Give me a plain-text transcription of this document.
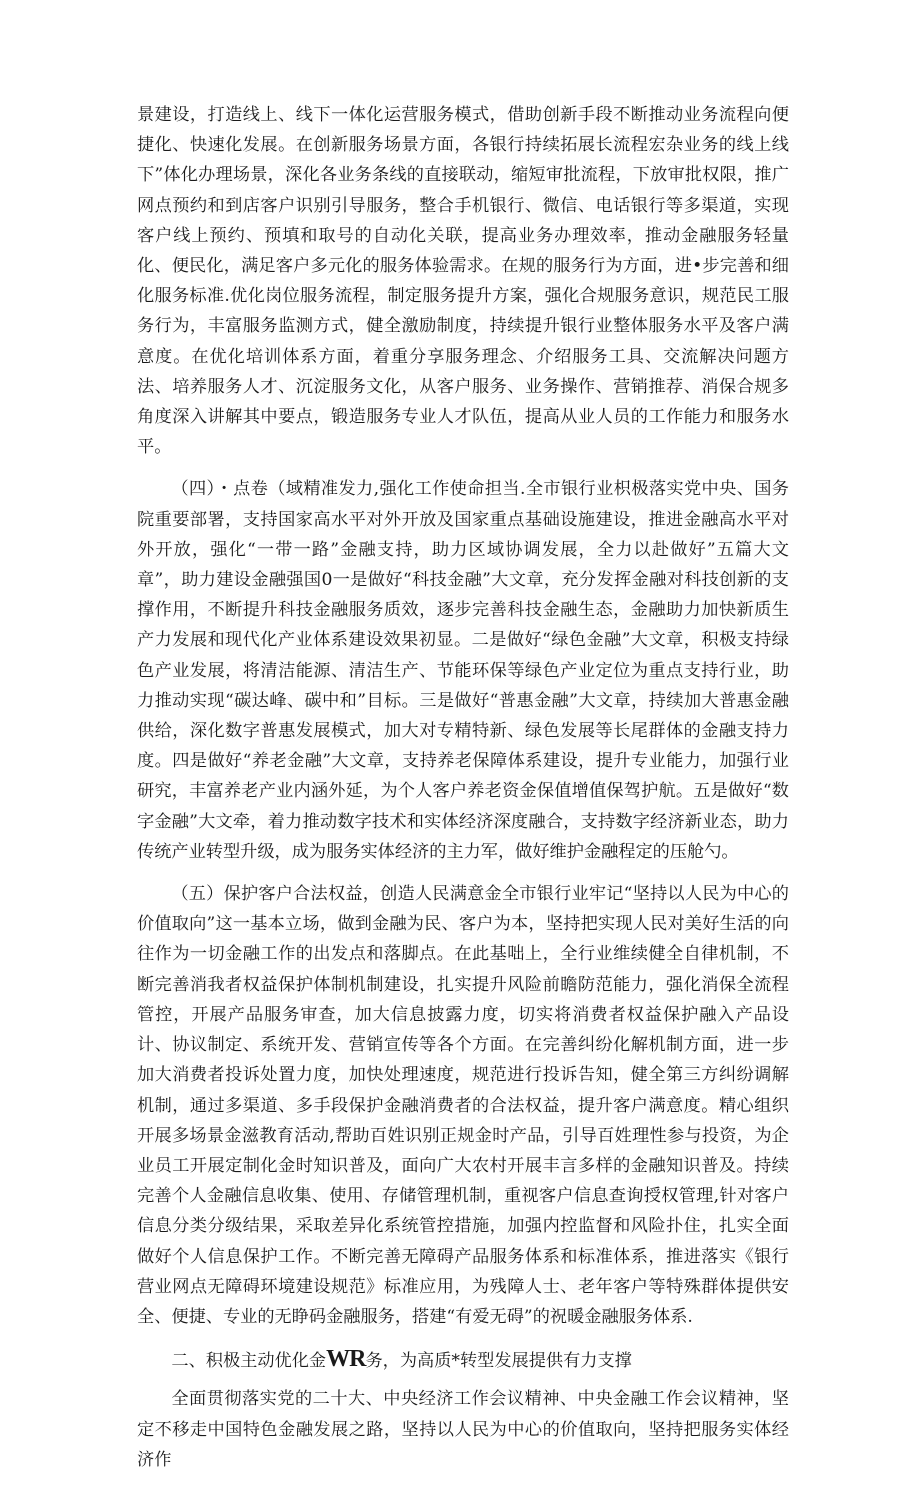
景建设，打造线上、线下一体化运营服务模式，借助创新手段不断推动业务流程向便捷化、快速化发展。在创新服务场景方面，各银行持续拓展长流程宏杂业务的线上线下”体化办理场景，深化各业务条线的直接联动，缩短审批流程，下放审批权限，推广网点预约和到店客户识别引导服务，整合手机银行、微信、电话银行等多渠道，实现客户线上预约、预填和取号的自动化关联，提高业务办理效率，推动金融服务轻量化、便民化，满足客户多元化的服务体验需求。在规的服务行为方面，进•步完善和细化服务标准.优化岗位服务流程，制定服务提升方案，强化合规服务意识，规范民工服务行为，丰富服务监测方式，健全激励制度，持续提升银行业整体服务水平及客户满意度。在优化培训体系方面，着重分享服务理念、介绍服务工具、交流解决问题方法、培养服务人才、沉淀服务文化，从客户服务、业务操作、营销推荐、消保合规多角度深入讲解其中要点，锻造服务专业人才队伍，提高从业人员的工作能力和服务水平。

（四）・点卷（域精准发力,强化工作使命担当.全市银行业枳极落实党中央、国务院重要部署，支持国家高水平对外开放及国家重点基础设施建设，推进金融高水平对外开放，强化“一带一路”金融支持，助力区域协调发展，全力以赴做好”五篇大文章”，助力建设金融强国0一是做好“科技金融”大文章，充分发挥金融对科技创新的支撑作用，不断提升科技金融服务质效，逐步完善科技金融生态，金融助力加快新质生产力发展和现代化产业体系建设效果初显。二是做好“绿色金融”大文章，积极支持绿色产业发展，将清洁能源、清洁生产、节能环保等绿色产业定位为重点支持行业，助力推动实现“碳达峰、碳中和”目标。三是做好“普惠金融”大文章，持续加大普惠金融供给，深化数字普惠发展模式，加大对专精特新、绿色发展等长尾群体的金融支持力度。四是做好“养老金融”大文章，支持养老保障体系建设，提升专业能力，加强行业研究，丰富养老产业内涵外延，为个人客户养老资金保值增值保驾护航。五是做好“数字金融”大文牵，着力推动数字技术和实体经济深度融合，支持数字经济新业态，助力传统产业转型升级，成为服务实体经济的主力军，做好维护金融程定的压舱勺。

（五）保护客户合法权益，创造人民满意金全市银行业牢记“坚持以人民为中心的价值取向”这一基本立场，做到金融为民、客户为本，坚持把实现人民对美好生活的向往作为一切金融工作的出发点和落脚点。在此基咄上，全行业维续健全自律机制，不断完善消我者权益保护体制机制建设，扎实提升风险前瞻防范能力，强化消保全流程管控，开展产品服务审查，加大信息披露力度，切实将消费者权益保护融入产品设计、协议制定、系统开发、营销宣传等各个方面。在完善纠纷化解机制方面，进一步加大消费者投诉处置力度，加快处理速度，规范进行投诉告知，健全第三方纠纷调解机制，通过多渠道、多手段保护金融消费者的合法权益，提升客户满意度。精心组织开展多场景金滋教育活动,帮助百姓识别正规金时产品，引导百姓理性参与投资，为企业员工开展定制化金时知识普及，面向广大农村开展丰言多样的金融知识普及。持续完善个人金融信息收集、使用、存储管理机制，重视客户信息查询授权管理,针对客户信息分类分级结果，采取差异化系统管控措施，加强内控监督和风险扑住，扎实全面做好个人信息保护工作。不断完善无障碍产品服务体系和标准体系，推进落实《银行营业网点无障碍环境建设规范》标准应用，为残障人士、老年客户等特殊群体提供安全、便捷、专业的无睁码金融服务，搭建“有爱无碍”的祝暖金融服务体系.

二、积极主动优化金WR务，为高质*转型发展提供有力支撑

全面贯彻落实党的二十大、中央经济工作会议精神、中央金融工作会议精神，坚定不移走中国特色金融发展之路，坚持以人民为中心的价值取向，坚持把服务实体经济作
